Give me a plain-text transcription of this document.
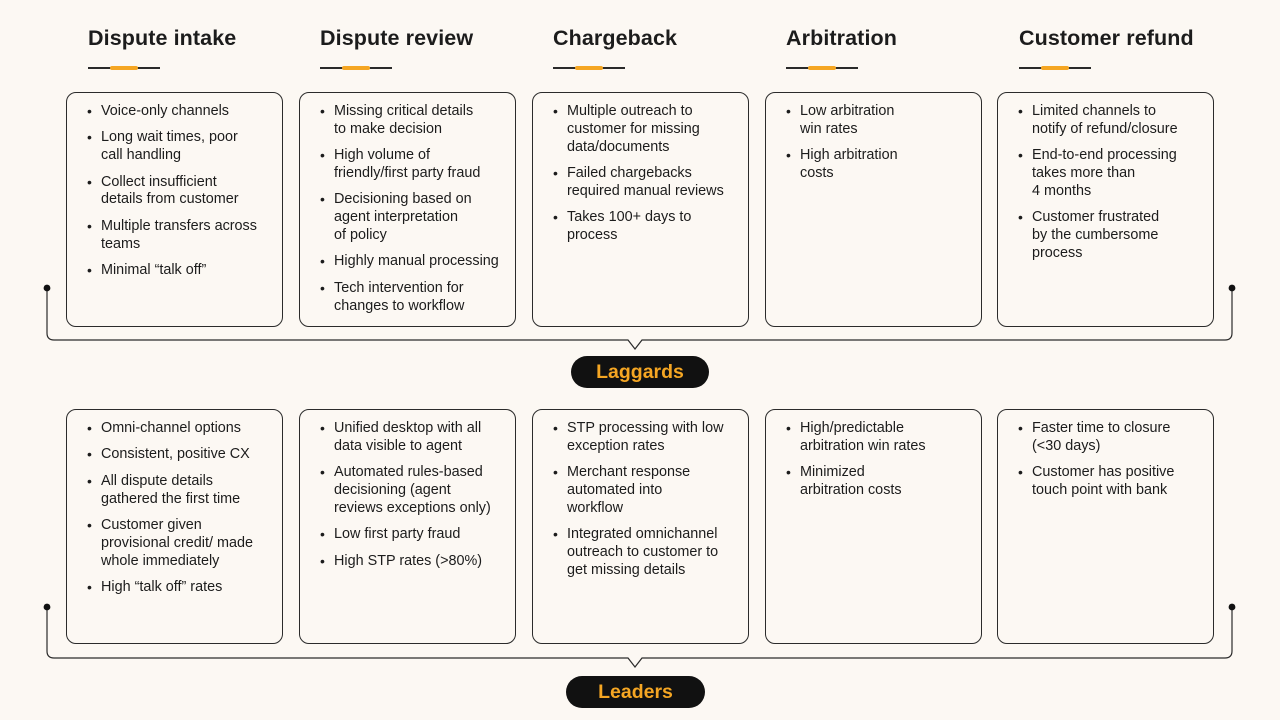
Dispute intake	Dispute review	Chargeback	Arbitration	Customer refund
• Voice-only channels
• Long wait times, poor
call handling
• Collect insufficient
details from customer
• Multiple transfers across
teams
• Minimal “talk off”
• Missing critical details
to make decision
• High volume of
friendly/first party fraud
• Decisioning based on
agent interpretation
of policy
• Highly manual processing
• Tech intervention for
changes to workflow
• Multiple outreach to
customer for missing
data/documents
• Failed chargebacks
required manual reviews
• Takes 100+ days to
process
• Low arbitration
win rates
• High arbitration
costs
• Limited channels to
notify of refund/closure
• End-to-end processing
takes more than
4 months
• Customer frustrated
by the cumbersome
process
• Omni-channel options
• Consistent, positive CX
• All dispute details
gathered the first time
• Customer given
provisional credit/ made
whole immediately
• High “talk off” rates
• Unified desktop with all
data visible to agent
• Automated rules-based
decisioning (agent
reviews exceptions only)
• Low first party fraud
• High STP rates (>80%)
• STP processing with low
exception rates
• Merchant response
automated into
workflow
• Integrated omnichannel
outreach to customer to
get missing details
• High/predictable
arbitration win rates
• Minimized
arbitration costs
• Faster time to closure
(<30 days)
• Customer has positive
touch point with bank
Laggards
Leaders
